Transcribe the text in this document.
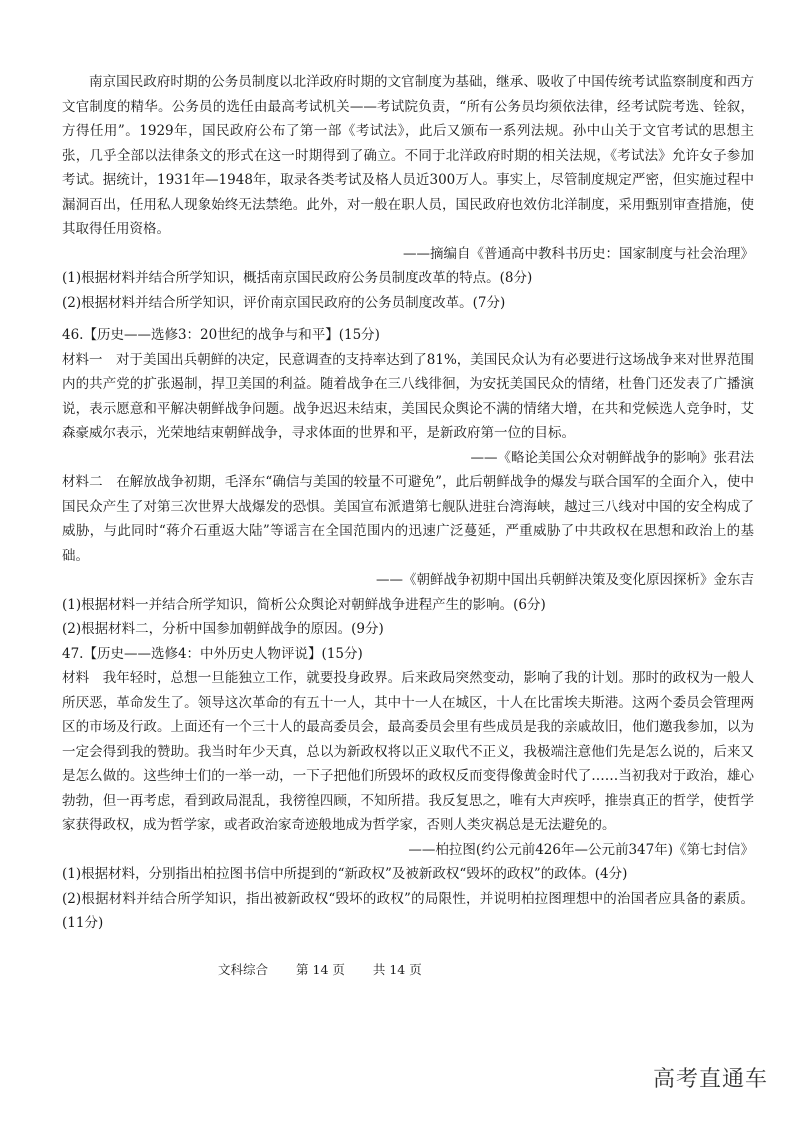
南京国民政府时期的公务员制度以北洋政府时期的文官制度为基础，继承、吸收了中国传统考试监察制度和西方文官制度的精华。公务员的选任由最高考试机关——考试院负责，“所有公务员均须依法律，经考试院考选、铨叙，方得任用”。1929年，国民政府公布了第一部《考试法》，此后又颁布一系列法规。孙中山关于文官考试的思想主张，几乎全部以法律条文的形式在这一时期得到了确立。不同于北洋政府时期的相关法规，《考试法》允许女子参加考试。据统计，1931年—1948年，取录各类考试及格人员近300万人。事实上，尽管制度规定严密，但实施过程中漏洞百出，任用私人现象始终无法禁绝。此外，对一般在职人员，国民政府也效仿北洋制度，采用甄别审查措施，使其取得任用资格。

——摘编自《普通高中教科书历史：国家制度与社会治理》

(1)根据材料并结合所学知识，概括南京国民政府公务员制度改革的特点。(8分)

(2)根据材料并结合所学知识，评价南京国民政府的公务员制度改革。(7分)

46.【历史——选修3：20世纪的战争与和平】(15分)

材料一　对于美国出兵朝鲜的决定，民意调查的支持率达到了81%，美国民众认为有必要进行这场战争来对世界范围内的共产党的扩张遏制，捍卫美国的利益。随着战争在三八线徘徊，为安抚美国民众的情绪，杜鲁门还发表了广播演说，表示愿意和平解决朝鲜战争问题。战争迟迟未结束，美国民众舆论不满的情绪大增，在共和党候选人竞争时，艾森豪威尔表示，光荣地结束朝鲜战争，寻求体面的世界和平，是新政府第一位的目标。

——《略论美国公众对朝鲜战争的影响》张君法

材料二　在解放战争初期，毛泽东“确信与美国的较量不可避免”，此后朝鲜战争的爆发与联合国军的全面介入，使中国民众产生了对第三次世界大战爆发的恐惧。美国宣布派遣第七舰队进驻台湾海峡，越过三八线对中国的安全构成了威胁，与此同时“蒋介石重返大陆”等谣言在全国范围内的迅速广泛蔓延，严重威胁了中共政权在思想和政治上的基础。

——《朝鲜战争初期中国出兵朝鲜决策及变化原因探析》金东吉

(1)根据材料一并结合所学知识，简析公众舆论对朝鲜战争进程产生的影响。(6分)

(2)根据材料二，分析中国参加朝鲜战争的原因。(9分)

47.【历史——选修4：中外历史人物评说】(15分)

材料　我年轻时，总想一旦能独立工作，就要投身政界。后来政局突然变动，影响了我的计划。那时的政权为一般人所厌恶，革命发生了。领导这次革命的有五十一人，其中十一人在城区，十人在比雷埃夫斯港。这两个委员会管理两区的市场及行政。上面还有一个三十人的最高委员会，最高委员会里有些成员是我的亲戚故旧，他们邀我参加，以为一定会得到我的赞助。我当时年少天真，总以为新政权将以正义取代不正义，我极端注意他们先是怎么说的，后来又是怎么做的。这些绅士们的一举一动，一下子把他们所毁坏的政权反而变得像黄金时代了……当初我对于政治，雄心勃勃，但一再考虑，看到政局混乱，我徬徨四顾，不知所措。我反复思之，唯有大声疾呼，推崇真正的哲学，使哲学家获得政权，成为哲学家，或者政治家奇迹般地成为哲学家，否则人类灾祸总是无法避免的。

——柏拉图(约公元前426年—公元前347年)《第七封信》

(1)根据材料，分别指出柏拉图书信中所提到的“新政权”及被新政权“毁坏的政权”的政体。(4分)

(2)根据材料并结合所学知识，指出被新政权“毁坏的政权”的局限性，并说明柏拉图理想中的治国者应具备的素质。(11分)

文科综合 第 14 页 共 14 页
高考直通车
